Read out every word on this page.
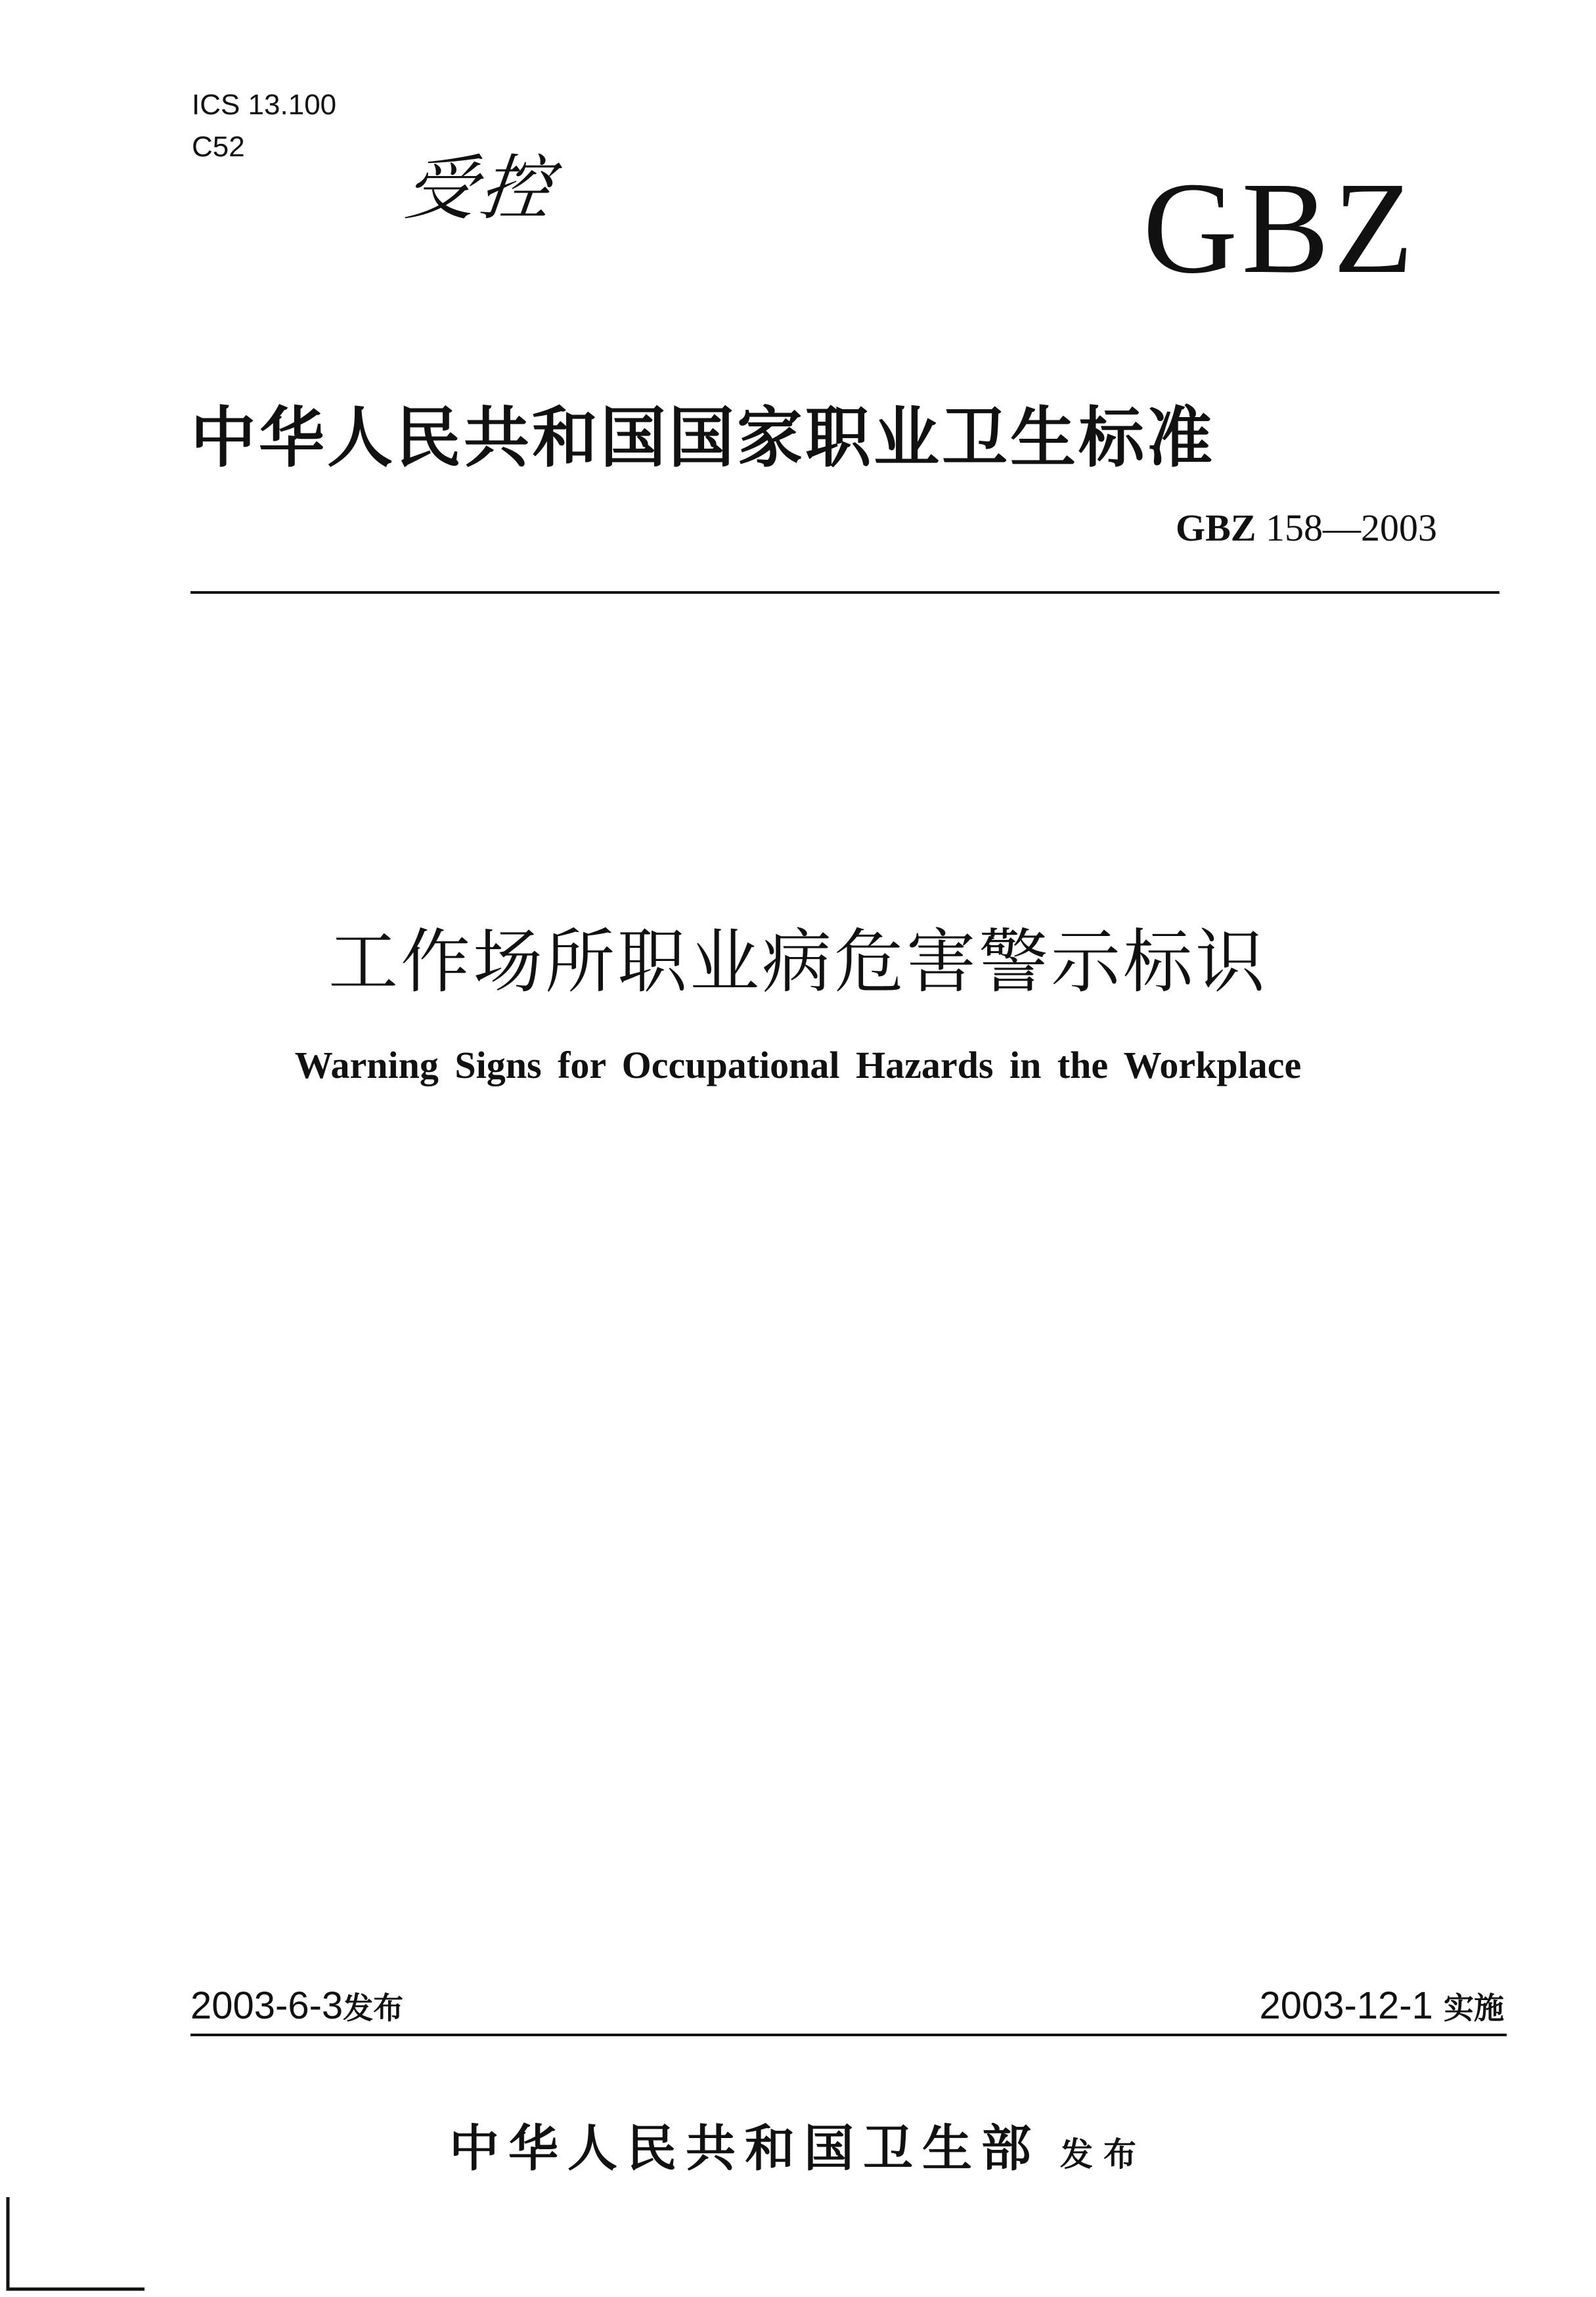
ICS 13.100
C52
受控	GBZ
中华人民共和国国家职业卫生标准
GBZ 158—2003
工作场所职业病危害警示标识
Warning Signs for Occupational Hazards in the Workplace
2003-6-3发布	2003-12-1 实施
中华人民共和国卫生部 发布
